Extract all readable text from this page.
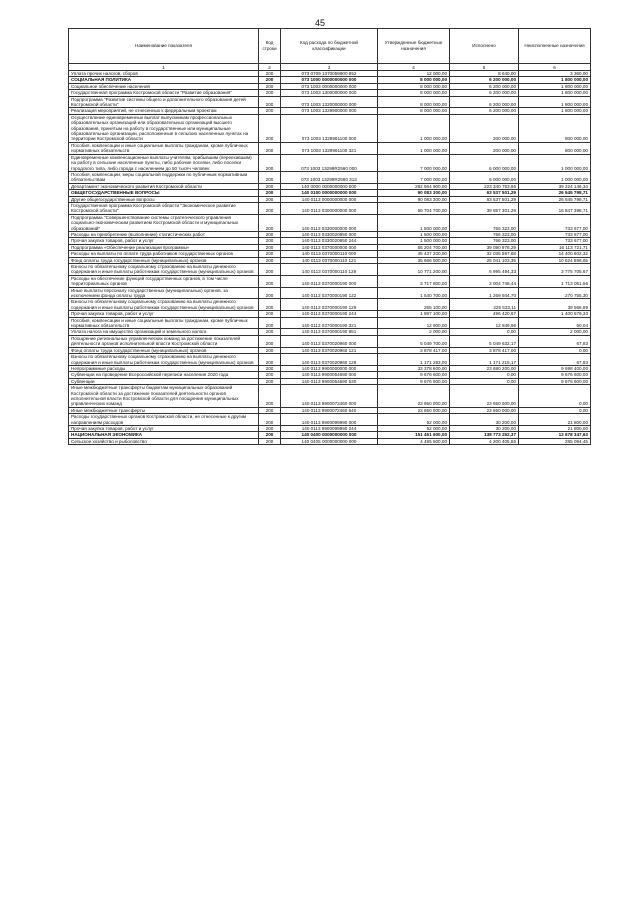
45
Наименование показателя	Код строки	Код расхода по бюджетной классификации	Утвержденные бюджетные назначения	Исполнено	Неисполненные назначения
1	2	3	4	5	6
Уплата прочих налогов, сборов	200	073 0709 1370059900 852	12 000,00	8 640,00	3 360,00
СОЦИАЛЬНАЯ ПОЛИТИКА	200	073 1000 0000000000 000	8 000 000,00	6 200 000,00	1 800 000,00
Социальное обеспечение населения	200	073 1003 0000000000 000	8 000 000,00	6 200 000,00	1 800 000,00
Государственная программа Костромской области "Развитие образования"	200	073 1003 1300000000 000	8 000 000,00	6 200 000,00	1 800 000,00
Подпрограмма "Развитие системы общего и дополнительного образования детей Костромской области"	200	073 1003 1320000000 000	8 000 000,00	6 200 000,00	1 800 000,00
Реализация мероприятий, не отнесенных к федеральным проектам	200	073 1003 1329900000 000	8 000 000,00	6 200 000,00	1 800 000,00
Осуществление единовременных выплат выпускникам профессиональных образовательных организаций или образовательных организаций высшего образования, принятым на работу в государственные или муниципальные образовательные организации, расположенные в сельских населенных пунктах на территории Костромской области	200	073 1003 1329961100 000	1 000 000,00	200 000,00	800 000,00
Пособия, компенсации и иные социальные выплаты гражданам, кроме публичных нормативных обязательств	200	073 1003 1329961100 321	1 000 000,00	200 000,00	800 000,00
Единовременные компенсационные выплаты учителям, прибывшим (переехавшим) на работу в сельские населенные пункты, либо рабочие поселки, либо поселки городского типа, либо города с населением до 50 тысяч человек	200	073 1003 13299R2560 000	7 000 000,00	6 000 000,00	1 000 000,00
Пособия, компенсации, меры социальной поддержки по публичным нормативным обязательствам	200	073 1003 13299R2560 313	7 000 000,00	6 000 000,00	1 000 000,00
Департамент экономического развития Костромской области	200	140 0000 0000000000 000	282 564 900,00	223 340 753,66	39 224 146,34
ОБЩЕГОСУДАРСТВЕННЫЕ ВОПРОСЫ	200	140 0100 0000000000 000	90 083 300,00	63 537 501,29	26 545 798,71
Другие общегосударственные вопросы	200	140 0113 0000000000 000	90 083 300,00	63 537 501,29	26 545 798,71
Государственная программа Костромской области "Экономическое развитие Костромской области"	200	140 0113 0300000000 000	56 704 700,00	39 857 301,29	16 847 398,71
Подпрограмма "Совершенствование системы стратегического управления социально-экономическим развитием Костромской области и муниципальных образований"	200	140 0113 0330000000 000	1 500 000,00	766 323,00	733 677,00
Расходы на приобретение (выполнение) статистических работ	200	140 0113 0330020850 000	1 500 000,00	766 323,00	733 677,00
Прочая закупка товаров, работ и услуг	200	140 0113 0330020850 244	1 500 000,00	766 323,00	733 677,00
Подпрограмма «Обеспечение реализации программы»	200	140 0113 0370000000 000	55 204 700,00	39 090 978,29	16 113 721,71
Расходы на выплаты по оплате труда работников государственных органов	200	140 0113 0370000110 000	45 437 200,00	32 036 597,68	14 400 602,32
Фонд оплаты труда государственных (муниципальных) органов	200	140 0113 0370000110 121	35 666 000,00	25 041 103,35	10 624 896,65
Взносы по обязательному социальному страхованию на выплаты денежного содержания и иные выплаты работникам государственных (муниципальных) органов	200	140 0113 0370000110 129	10 771 200,00	6 995 494,33	3 775 705,67
Расходы на обеспечение функций государственных органов, в том числе территориальных органов	200	140 0113 0370000190 000	3 717 800,00	2 004 748,44	1 713 051,56
Иные выплаты персоналу государственных (муниципальных) органов, за исключением фонда оплаты труда	200	140 0113 0370000190 122	1 540 700,00	1 269 944,70	270 755,30
Взносы по обязательному социальному страхованию на выплаты денежного содержания и иные выплаты работникам государственных (муниципальных) органов	200	140 0113 0370000190 129	265 100,00	225 533,11	39 566,89
Прочая закупка товаров, работ и услуг	200	140 0113 0370000190 244	1 897 100,00	496 420,67	1 400 679,33
Пособия, компенсации и иные социальные выплаты гражданам, кроме публичных нормативных обязательств	200	140 0113 0370000190 321	12 900,00	12 849,96	50,04
Уплата налога на имущество организаций и земельного налога	200	140 0113 0370000190 851	2 000,00	0,00	2 000,00
Поощрение региональных управленческих команд за достижение показателей деятельности органов исполнительной власти Костромской области	200	140 0113 0370020960 000	5 049 700,00	5 049 632,17	67,83
Фонд оплаты труда государственных (муниципальных) органов	200	140 0113 0370020960 121	3 878 417,00	3 878 417,00	0,00
Взносы по обязательному социальному страхованию на выплаты денежного содержания и иные выплаты работникам государственных (муниципальных) органов	200	140 0113 0370020960 129	1 171 283,00	1 171 215,17	67,83
Непрограммные расходы	200	140 0113 9900000000 000	33 378 600,00	23 680 200,00	9 698 400,00
Субвенции на проведение Всероссийской переписи населения 2020 года	200	140 0113 9900054690 000	9 676 600,00	0,00	9 676 600,00
Субвенции	200	140 0113 9900054690 530	9 676 600,00	0,00	9 676 600,00
Иные межбюджетные трансферты бюджетам муниципальных образований Костромской области за достижение показателей деятельности органов исполнительной власти Костромской области для поощрения муниципальных управленческих команд	200	140 0113 9900072460 000	23 650 000,00	23 650 000,00	0,00
Иные межбюджетные трансферты	200	140 0113 9900072460 540	23 650 000,00	23 650 000,00	0,00
Расходы государственных органов Костромской области, не отнесенные к другим направлениям расходов	200	140 0113 9900099990 000	52 000,00	30 200,00	21 800,00
Прочая закупка товаров, работ и услуг	200	140 0113 9900099990 244	52 000,00	30 200,00	21 800,00
НАЦИОНАЛЬНАЯ ЭКОНОМИКА	200	140 0400 0000000000 000	151 451 600,00	138 773 252,37	12 678 347,63
Сельское хозяйство и рыболовство	200	140 0405 0000000000 000	4 485 500,00	4 200 405,55	285 094,45
